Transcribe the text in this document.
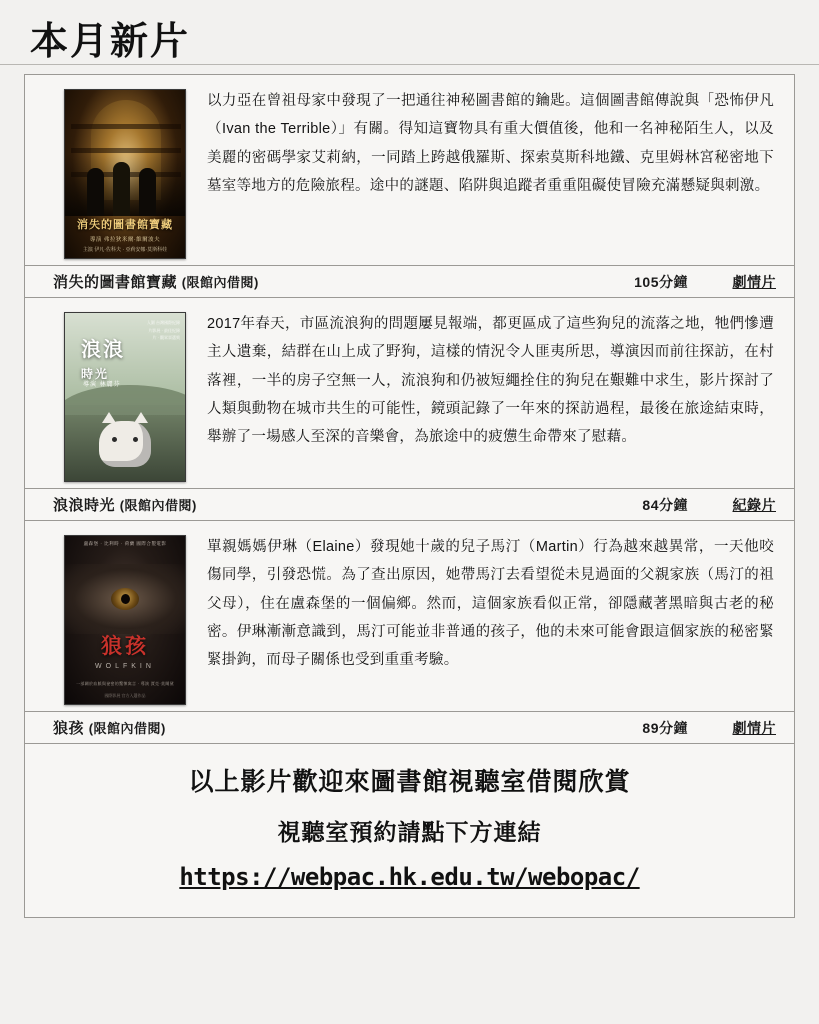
本月新片
消失的圖書館寶藏
導演 弗拉狄米爾·維爾波夫
主演 伊凡·佐科夫 · 亞莉安娜·莫斯科娃
以力亞在曾祖母家中發現了一把通往神秘圖書館的鑰匙。這個圖書館傳說與「恐怖伊凡（Ivan the Terrible）」有關。得知這寶物具有重大價值後，他和一名神秘陌生人，以及美麗的密碼學家艾莉納，一同踏上跨越俄羅斯、探索莫斯科地鐵、克里姆林宮秘密地下墓室等地方的危險旅程。途中的謎題、陷阱與追蹤者重重阻礙使冒險充滿懸疑與刺激。
消失的圖書館寶藏 (限館內借閱)	105分鐘	劇情片
入圍 台灣國際紀錄片影展 · 最佳紀錄片 · 觀眾票選獎
浪浪
時光
導演 林麗芬
2017年春天，市區流浪狗的問題屢見報端，都更區成了這些狗兒的流落之地，牠們慘遭主人遺棄，結群在山上成了野狗，這樣的情況令人匪夷所思，導演因而前往探訪，在村落裡，一半的房子空無一人，流浪狗和仍被短繩拴住的狗兒在艱難中求生，影片探討了人類與動物在城市共生的可能性，鏡頭記錄了一年來的探訪過程，最後在旅途結束時，舉辦了一場感人至深的音樂會，為旅途中的疲憊生命帶來了慰藉。
浪浪時光 (限館內借閱)	84分鐘	紀錄片
盧森堡 · 比利時 · 荷蘭 國際合製電影
狼孩
WOLFKIN
一部關於血脈與祕密的驚悚寓言 · 導演 賈克·莫爾黛
國際影展 官方入選作品
單親媽媽伊琳（Elaine）發現她十歲的兒子馬汀（Martin）行為越來越異常，一天他咬傷同學，引發恐慌。為了查出原因，她帶馬汀去看望從未見過面的父親家族（馬汀的祖父母），住在盧森堡的一個偏鄉。然而，這個家族看似正常，卻隱藏著黑暗與古老的秘密。伊琳漸漸意識到，馬汀可能並非普通的孩子，他的未來可能會跟這個家族的秘密緊緊掛鉤，而母子關係也受到重重考驗。
狼孩 (限館內借閱)	89分鐘	劇情片
以上影片歡迎來圖書館視聽室借閱欣賞
視聽室預約請點下方連結
https://webpac.hk.edu.tw/webopac/
